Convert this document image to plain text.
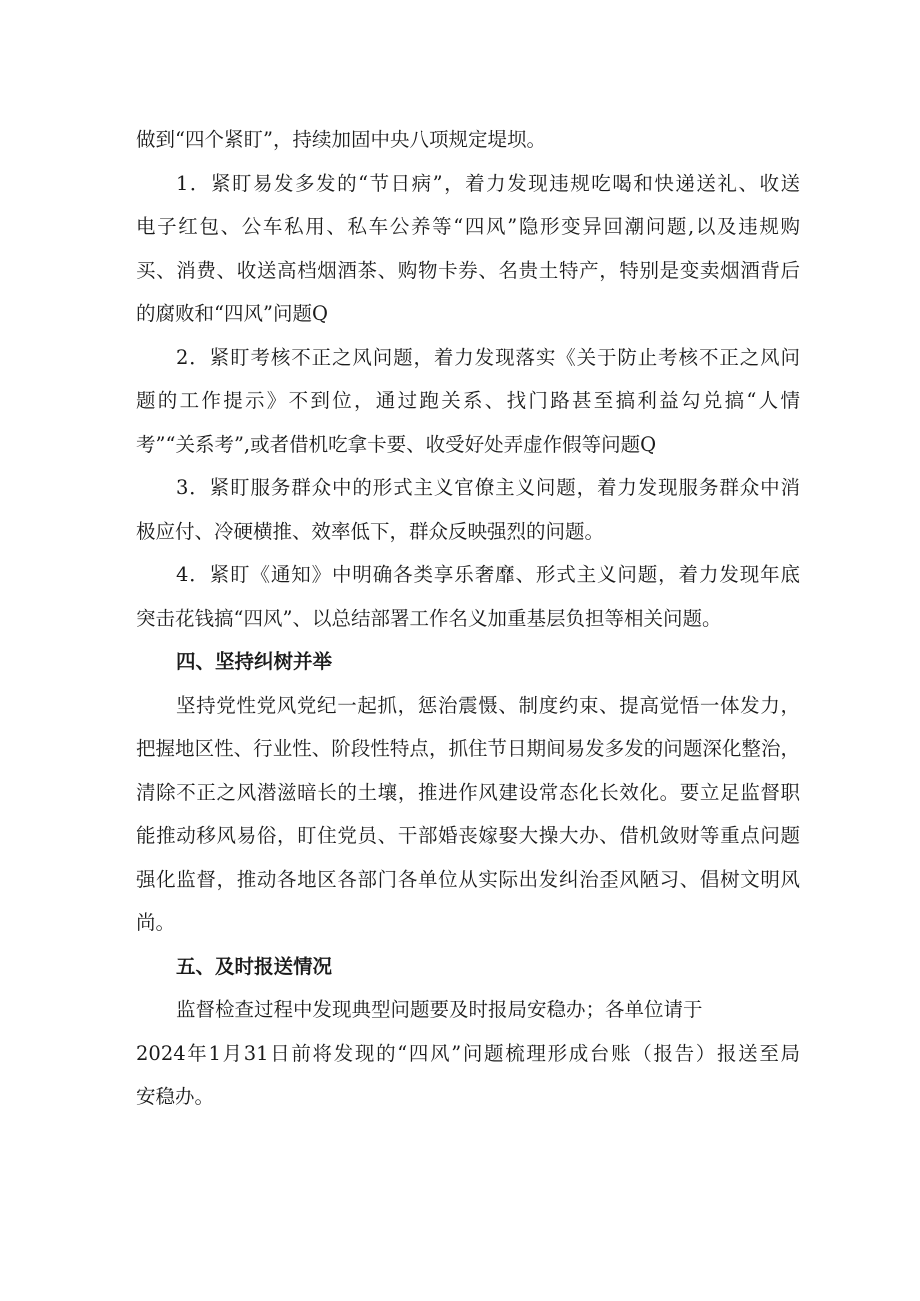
做到“四个紧盯”，持续加固中央八项规定堤坝。
1．紧盯易发多发的“节日病”，着力发现违规吃喝和快递送礼、收送
电子红包、公车私用、私车公养等“四风”隐形变异回潮问题,以及违规购
买、消费、收送高档烟酒茶、购物卡券、名贵土特产，特别是变卖烟酒背后
的腐败和“四风”问题Q
2．紧盯考核不正之风问题，着力发现落实《关于防止考核不正之风问
题的工作提示》不到位，通过跑关系、找门路甚至搞利益勾兑搞“人情
考”“关系考”,或者借机吃拿卡要、收受好处弄虚作假等问题Q
3．紧盯服务群众中的形式主义官僚主义问题，着力发现服务群众中消
极应付、冷硬横推、效率低下，群众反映强烈的问题。
4．紧盯《通知》中明确各类享乐奢靡、形式主义问题，着力发现年底
突击花钱搞“四风”、以总结部署工作名义加重基层负担等相关问题。
四、坚持纠树并举
坚持党性党风党纪一起抓，惩治震慑、制度约束、提高觉悟一体发力，
把握地区性、行业性、阶段性特点，抓住节日期间易发多发的问题深化整治，
清除不正之风潜滋暗长的土壤，推进作风建设常态化长效化。要立足监督职
能推动移风易俗，盯住党员、干部婚丧嫁娶大操大办、借机敛财等重点问题
强化监督，推动各地区各部门各单位从实际出发纠治歪风陋习、倡树文明风
尚。
五、及时报送情况
监督检查过程中发现典型问题要及时报局安稳办；各单位请于
2024年1月31日前将发现的“四风”问题梳理形成台账（报告）报送至局
安稳办。
